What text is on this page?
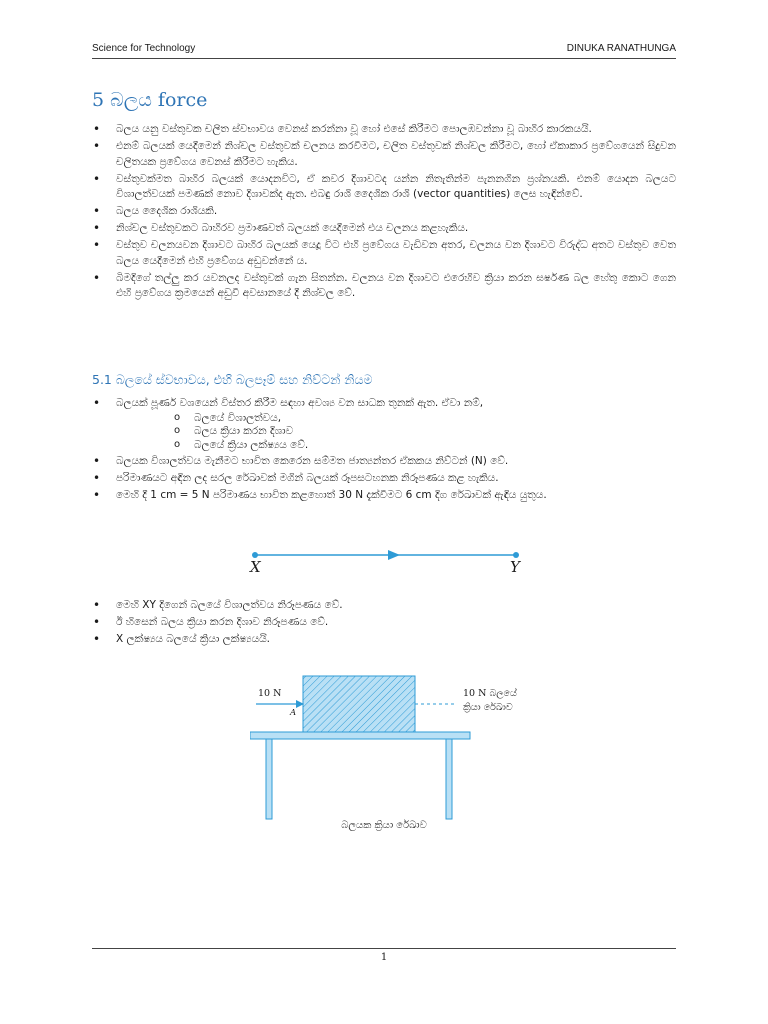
Science for Technology	DINUKA RANATHUNGA
5 බලය force
• බලය යනු වස්තුවක චලිත ස්වභාවය වෙනස් කරන්නා වූ හෝ එසේ කිරීමට පොලඹවන්නා වූ බාහිර කාරකයයි.
• එනම් බලයක් යෙදීමෙන් නිශ්චල වස්තුවක් චලනය කරවීමට, චලිත වස්තුවක් නිශ්චල කිරීමට, හෝ ඒකාකාර ප්‍රවේගයෙන් සිදුවන චලිතයක ප්‍රවේගය වෙනස් කිරීමට හැකිය.
• වස්තුවක්මත බාහිර බලයක් යොදනවිට, ඒ කවර දිශාවටද යන්න නිතැතින්ම පැනනගින ප්‍රශ්නයකි. එනම් යොදන බලයට විශාලත්වයක් පමණක් නොව දිශාවක්ද ඇත. එබඳු රාශි දෛශික රාශි (vector quantities) ලෙස හැඳින්වේ.
• බලය දෛශික රාශියකි.
• නිශ්චල වස්තුවකට බාහිරව ප්‍රමාණවත් බලයක් යෙදීමෙන් එය චලනය කළහැකිය.
• වස්තුව චලනයවන දිශාවට බාහිර බලයක් යෙදූ විට එහි ප්‍රවේගය වැඩිවන අතර, චලනය වන දිශාවට විරුද්ධ අතට වස්තුව වෙත බලය යෙදීමෙන් එහි ප්‍රවේගය අඩුවන්නේ ය.
• බිමදිගේ තල්ලු කර යවනලද වස්තුවක් ගැන සිතන්න. චලනය වන දිශාවට එරෙහිව ක්‍රියා කරන ඝර්ෂණ බල හේතු කොට ගෙන එහි ප්‍රවේගය ක්‍රමයෙන් අඩුවී අවසානයේ දී නිශ්චල වේ.
5.1 බලයේ ස්වභාවය, එහි බලපෑම් සහ නිව්ටන් නියම
• බලයක් පූර්ණ වශයෙන් විස්තර කිරීම සඳහා අවශ්‍ය වන සාධක තුනක් ඇත. ඒවා නම්,
o බලයේ විශාලත්වය,
o බලය ක්‍රියා කරන දිශාව
o බලයේ ක්‍රියා ලක්ෂ්‍යය වේ.
• බලයක විශාලත්වය මැනීමට භාවිත කෙරෙන සම්මත ජාත්‍යන්තර ඒකකය නිව්ටන් (N) වේ.
• පරිමාණයට අඳින ලද සරල රේඛාවක් මගින් බලයක් රූපසටහනක නිරූපණය කළ හැකිය.
• මෙහි දී 1 cm = 5 N පරිමාණය භාවිත කළහොත් 30 N දැක්වීමට 6 cm දිග රේඛාවක් ඇඳිය යුතුය.
X	Y
• මෙහි XY දිගෙන් බලයේ විශාලත්වය නිරූපණය වේ.
• ඊ හිසෙන් බලය ක්‍රියා කරන දිශාව නිරූපණය වේ.
• X ලක්ෂ්‍යය බලයේ ක්‍රියා ලක්ෂ්‍යයයි.
10 N
A
10 N බලයේ
ක්‍රියා රේඛාව
බලයක ක්‍රියා රේඛාව
1
